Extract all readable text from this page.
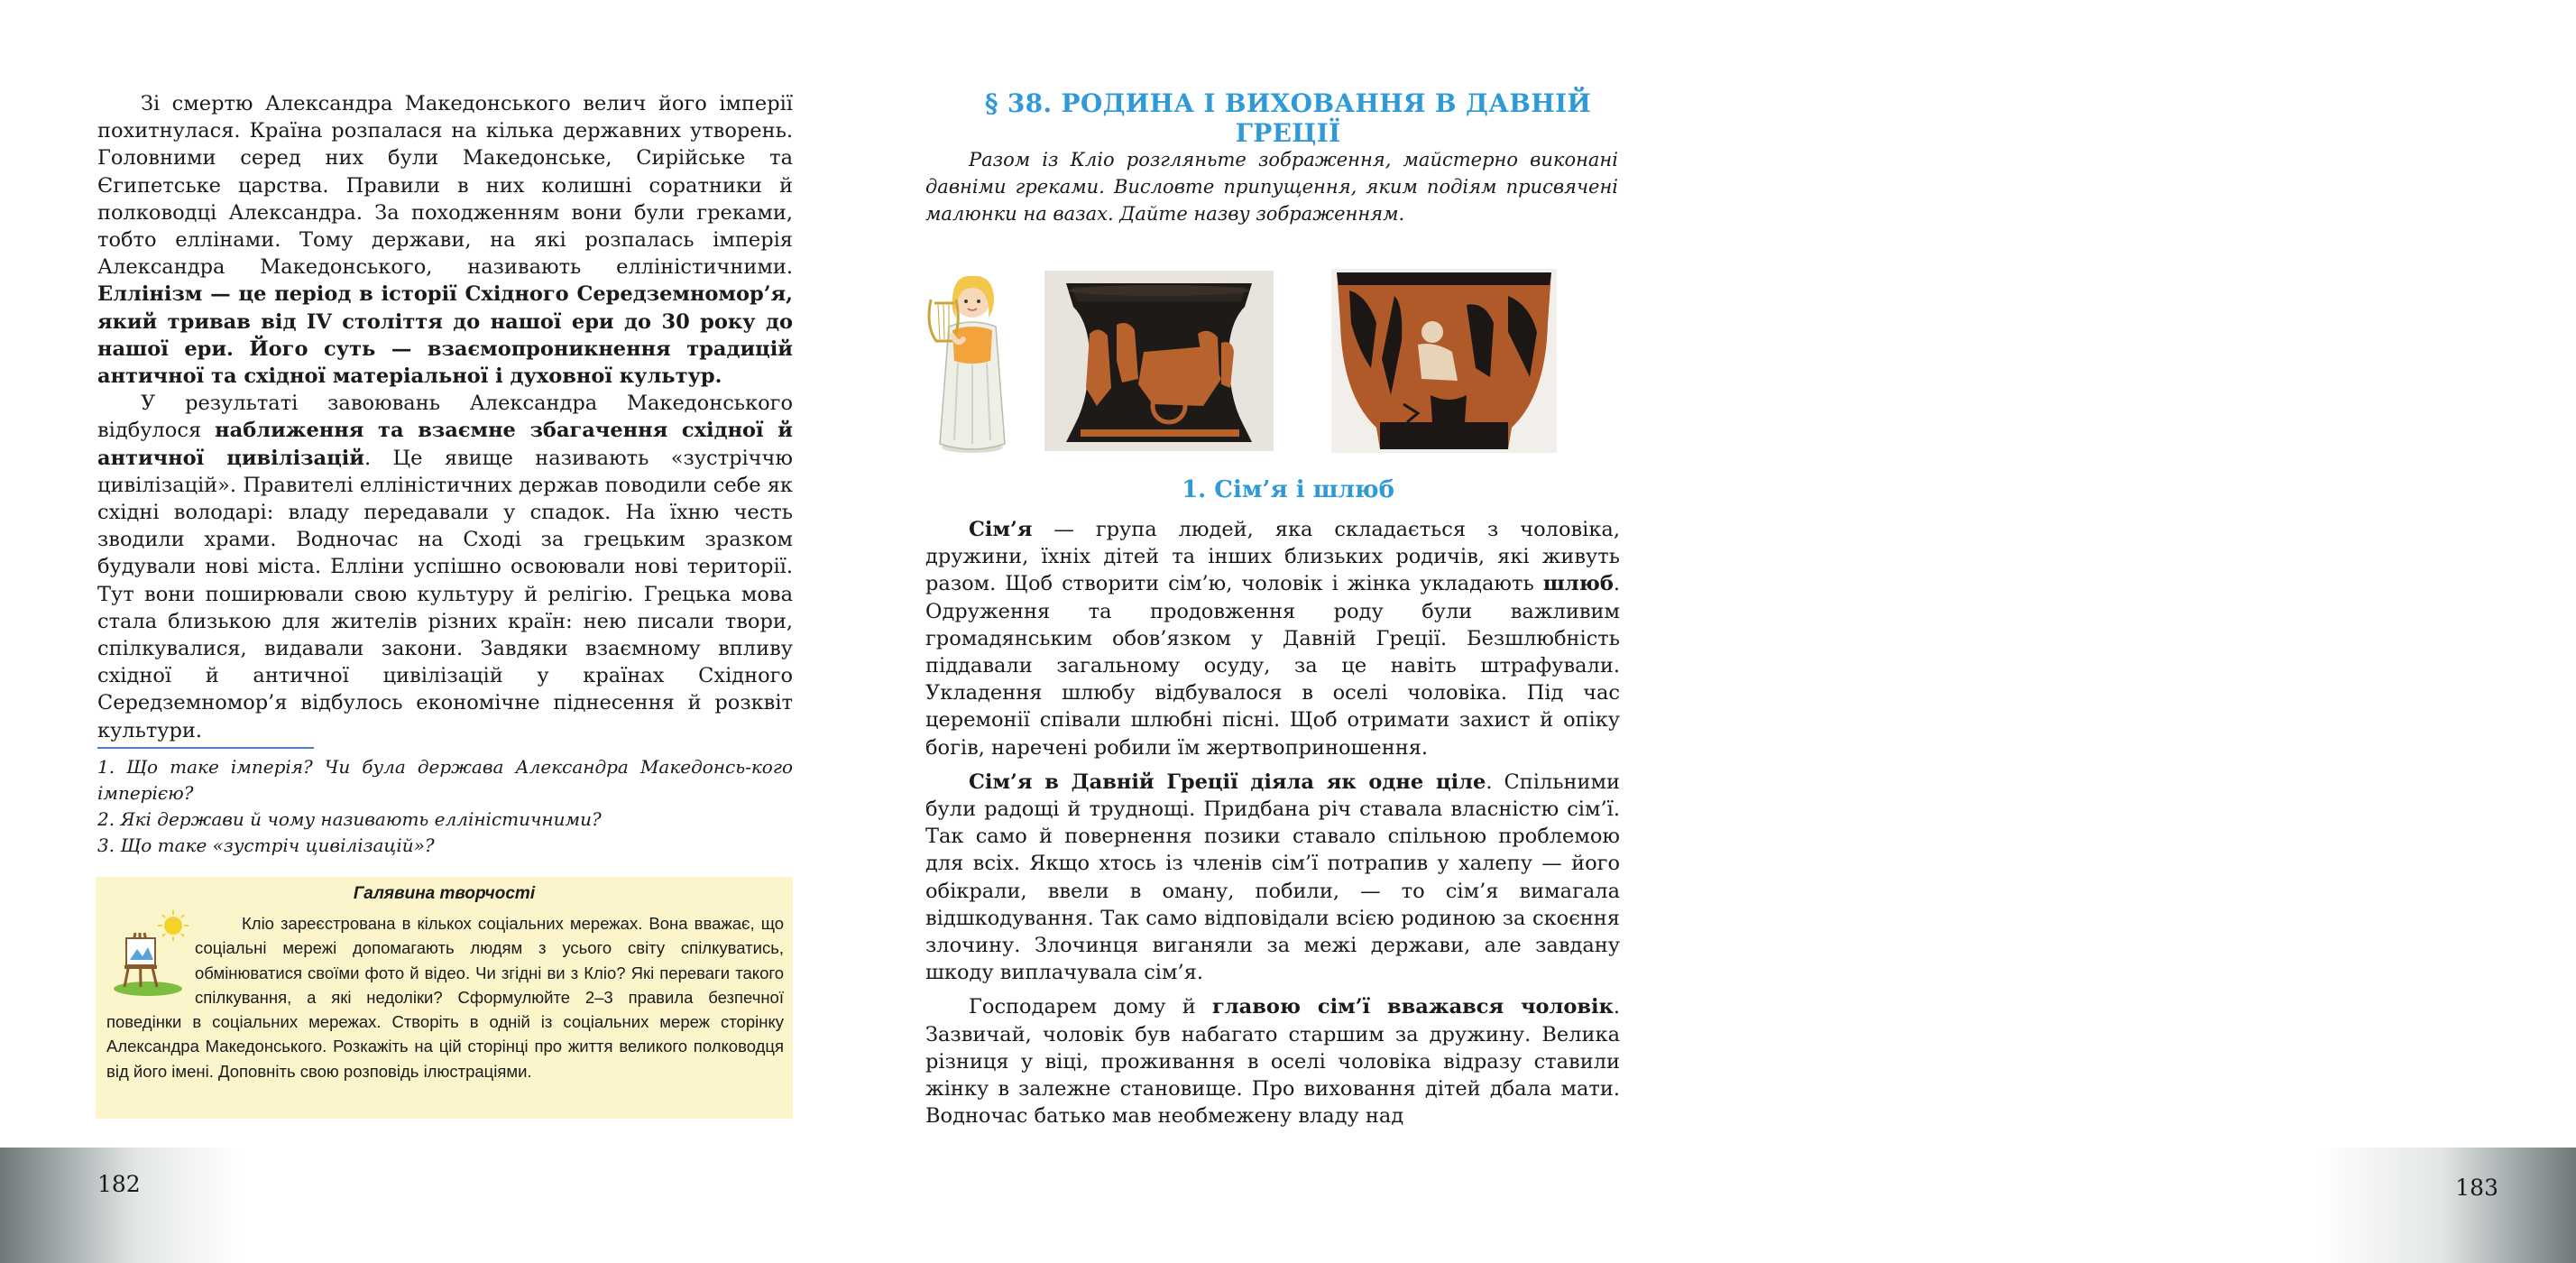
Зі смертю Александра Македонського велич його імперії похитнулася. Країна розпалася на кілька державних утворень. Головними серед них були Македонське, Сирійське та Єгипетське царства. Правили в них колишні соратники й полководці Александра. За походженням вони були греками, тобто еллінами. Тому держави, на які розпалась імперія Александра Македонського, називають елліністичними. Еллінізм — це період в історії Східного Середземномор’я, який тривав від IV століття до нашої ери до 30 року до нашої ери. Його суть — взаємопроникнення традицій античної та східної матеріальної і духовної культур.

У результаті завоювань Александра Македонського відбулося наближення та взаємне збагачення східної й античної цивілізацій. Це явище називають «зустріччю цивілізацій». Правителі елліністичних держав поводили себе як східні володарі: владу передавали у спадок. На їхню честь зводили храми. Водночас на Сході за грецьким зразком будували нові міста. Елліни успішно освоювали нові території. Тут вони поширювали свою культуру й релігію. Грецька мова стала близькою для жителів різних країн: нею писали твори, спілкувалися, видавали закони. Завдяки взаємному впливу східної й античної цивілізацій у країнах Східного Середземномор’я відбулось економічне піднесення й розквіт культури.

1. Що таке імперія? Чи була держава Александра Македонсь-кого імперією?

2. Які держави й чому називають елліністичними?

3. Що таке «зустріч цивілізацій»?

Галявина творчості

Кліо зареєстрована в кількох соціальних мережах. Вона вважає, що соціальні мережі допомагають людям з усього світу спілкуватись, обмінюватися своїми фото й відео. Чи згідні ви з Кліо? Які переваги такого спілкування, а які недоліки? Сформулюйте 2–3 правила безпечної поведінки в соціальних мережах. Створіть в одній із соціальних мереж сторінку Александра Македонського. Розкажіть на цій сторінці про життя великого полководця від його імені. Доповніть свою розповідь ілюстраціями.

182
§ 38. РОДИНА І ВИХОВАННЯ В ДАВНІЙ ГРЕЦІЇ

Разом із Кліо розгляньте зображення, майстерно виконані давніми греками. Висловте припущення, яким подіям присвячені малюнки на вазах. Дайте назву зображенням.

1. Сім’я і шлюб

Сім’я — група людей, яка складається з чоловіка, дружини, їхніх дітей та інших близьких родичів, які живуть разом. Щоб створити сім’ю, чоловік і жінка укладають шлюб. Одруження та продовження роду були важливим громадянським обов’язком у Давній Греції. Безшлюбність піддавали загальному осуду, за це навіть штрафували. Укладення шлюбу відбувалося в оселі чоловіка. Під час церемонії співали шлюбні пісні. Щоб отримати захист й опіку богів, наречені робили їм жертвоприношення.

Сім’я в Давній Греції діяла як одне ціле. Спільними були радощі й труднощі. Придбана річ ставала власністю сім’ї. Так само й повернення позики ставало спільною проблемою для всіх. Якщо хтось із членів сім’ї потрапив у халепу — його обікрали, ввели в оману, побили, — то сім’я вимагала відшкодування. Так само відповідали всією родиною за скоєння злочину. Злочинця виганяли за межі держави, але завдану шкоду виплачувала сім’я.

Господарем дому й главою сім’ї вважався чоловік. Зазвичай, чоловік був набагато старшим за дружину. Велика різниця у віці, проживання в оселі чоловіка відразу ставили жінку в залежне становище. Про виховання дітей дбала мати. Водночас батько мав необмежену владу над

183
